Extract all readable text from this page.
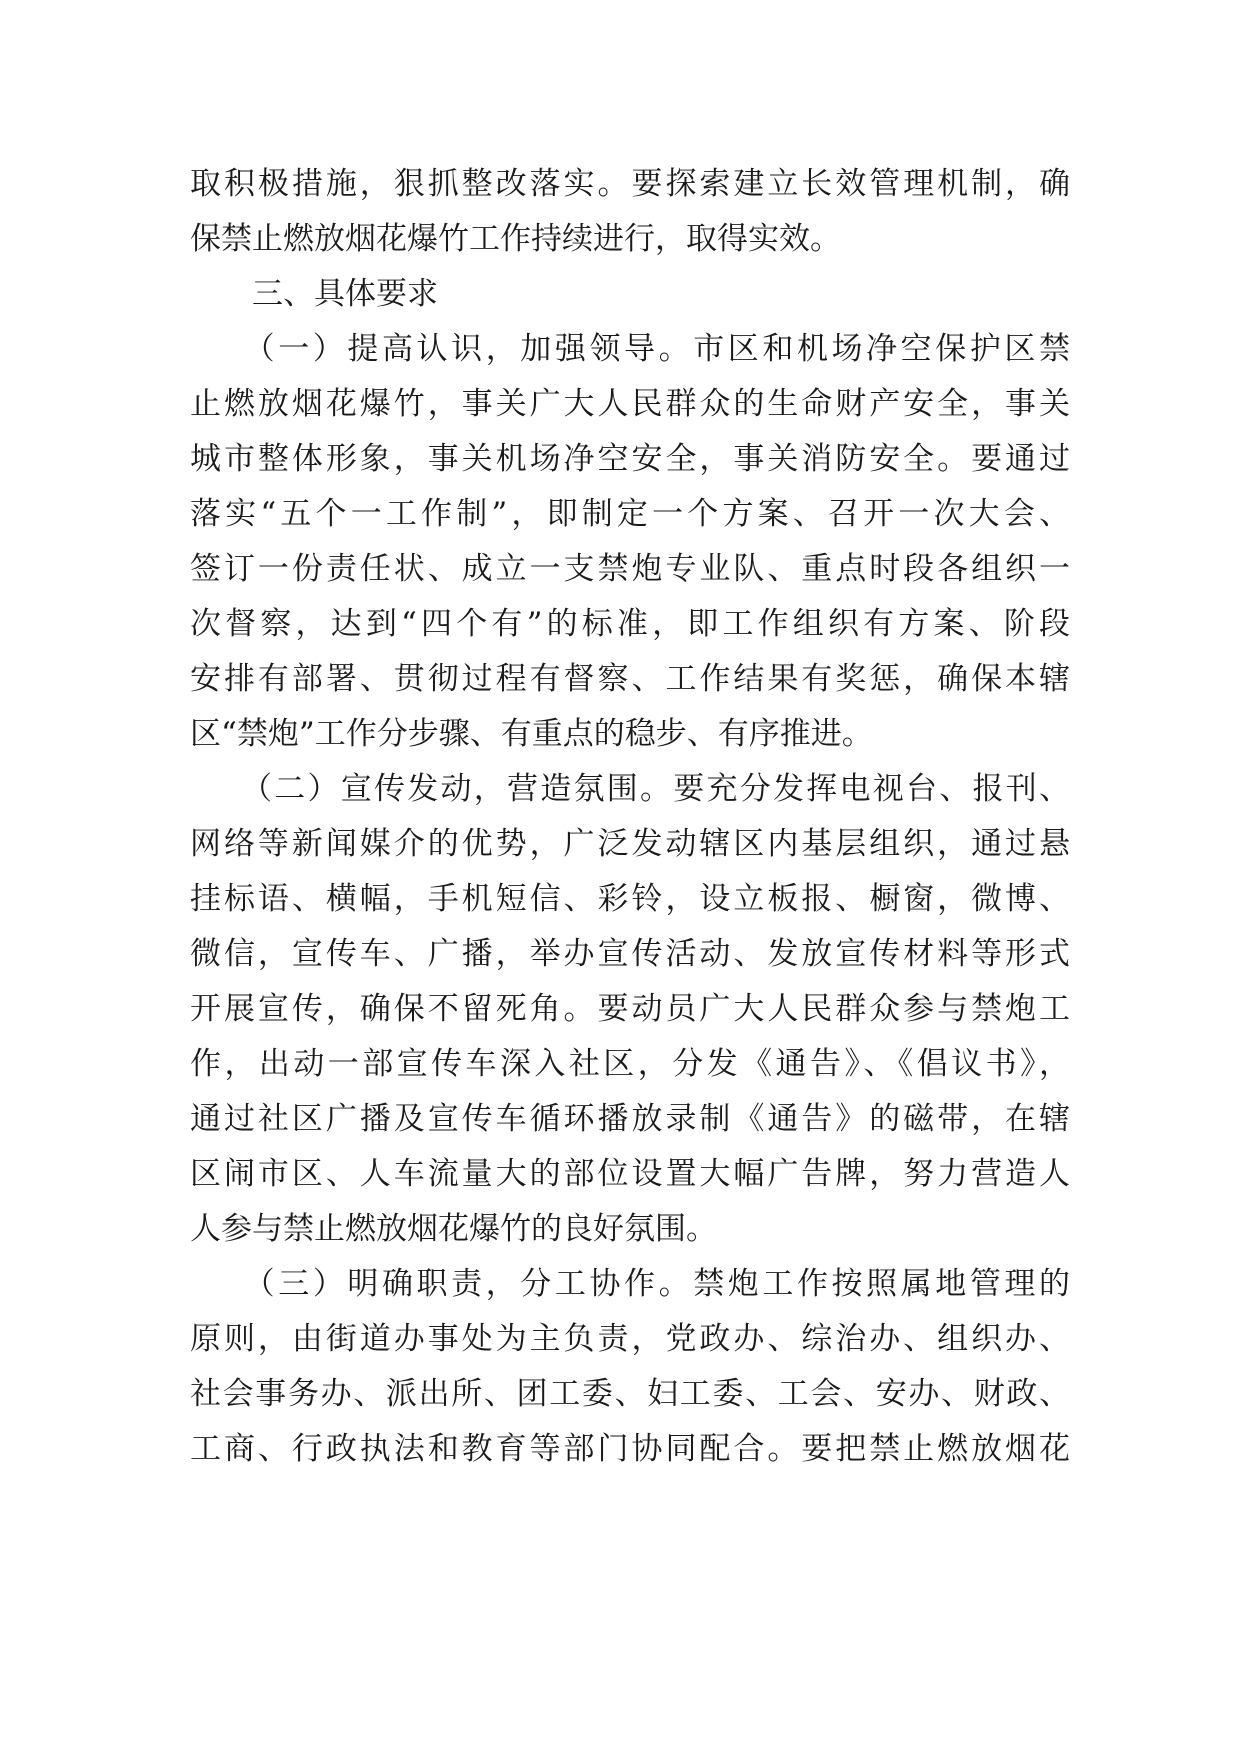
取积极措施，狠抓整改落实。要探索建立长效管理机制，确
保禁止燃放烟花爆竹工作持续进行，取得实效。
　　三、具体要求
　　（一）提高认识，加强领导。市区和机场净空保护区禁
止燃放烟花爆竹，事关广大人民群众的生命财产安全，事关
城市整体形象，事关机场净空安全，事关消防安全。要通过
落实“五个一工作制”，即制定一个方案、召开一次大会、
签订一份责任状、成立一支禁炮专业队、重点时段各组织一
次督察，达到“四个有”的标准，即工作组织有方案、阶段
安排有部署、贯彻过程有督察、工作结果有奖惩，确保本辖
区“禁炮”工作分步骤、有重点的稳步、有序推进。
　　（二）宣传发动，营造氛围。要充分发挥电视台、报刊、
网络等新闻媒介的优势，广泛发动辖区内基层组织，通过悬
挂标语、横幅，手机短信、彩铃，设立板报、橱窗，微博、
微信，宣传车、广播，举办宣传活动、发放宣传材料等形式
开展宣传，确保不留死角。要动员广大人民群众参与禁炮工
作，出动一部宣传车深入社区，分发《通告》、《倡议书》，
通过社区广播及宣传车循环播放录制《通告》的磁带，在辖
区闹市区、人车流量大的部位设置大幅广告牌，努力营造人
人参与禁止燃放烟花爆竹的良好氛围。
　　（三）明确职责，分工协作。禁炮工作按照属地管理的
原则，由街道办事处为主负责，党政办、综治办、组织办、
社会事务办、派出所、团工委、妇工委、工会、安办、财政、
工商、行政执法和教育等部门协同配合。要把禁止燃放烟花
